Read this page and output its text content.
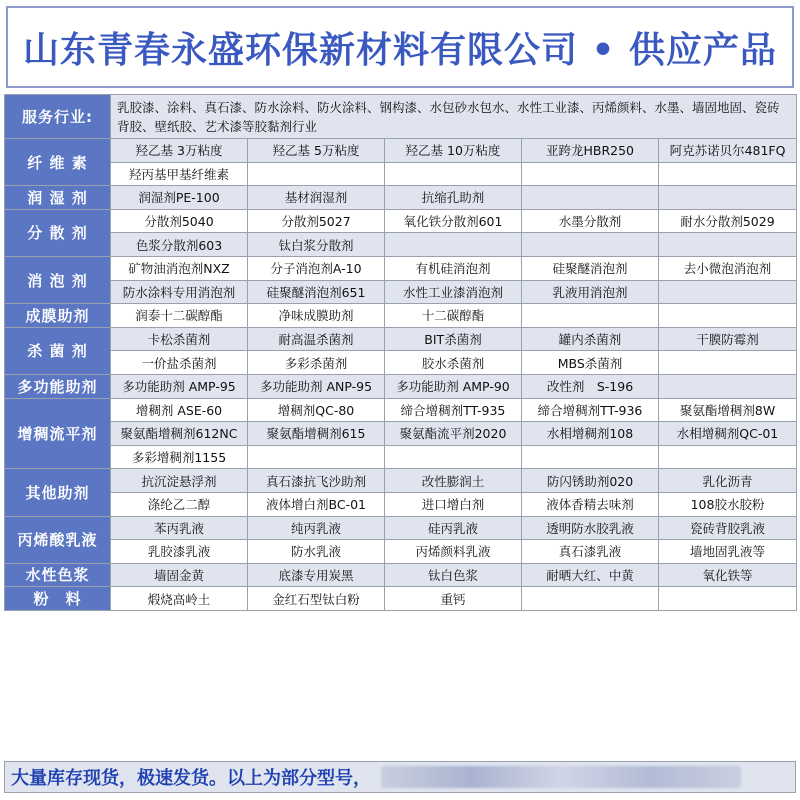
山东青春永盛环保新材料有限公司 • 供应产品
服务行业:	乳胶漆、涂料、真石漆、防水涂料、防火涂料、钢构漆、水包砂水包水、水性工业漆、丙烯颜料、水墨、墙固地固、瓷砖背胶、壁纸胶、艺术漆等胶黏剂行业				
纤 维 素	羟乙基 3万粘度	羟乙基 5万粘度	羟乙基 10万粘度	亚跨龙HBR250	阿克苏诺贝尔481FQ
	羟丙基甲基纤维素				
润 湿 剂	润湿剂PE-100	基材润湿剂	抗缩孔助剂		
分 散 剂	分散剂5040	分散剂5027	氧化铁分散剂601	水墨分散剂	耐水分散剂5029
	色浆分散剂603	钛白浆分散剂			
消 泡 剂	矿物油消泡剂NXZ	分子消泡剂A-10	有机硅消泡剂	硅聚醚消泡剂	去小微泡消泡剂
	防水涂料专用消泡剂	硅聚醚消泡剂651	水性工业漆消泡剂	乳液用消泡剂	
成膜助剂	润泰十二碳醇酯	净味成膜助剂	十二碳醇酯		
杀 菌 剂	卡松杀菌剂	耐高温杀菌剂	BIT杀菌剂	罐内杀菌剂	干膜防霉剂
	一价盐杀菌剂	多彩杀菌剂	胶水杀菌剂	MBS杀菌剂	
多功能助剂	多功能助剂 AMP-95	多功能助剂 ANP-95	多功能助剂 AMP-90	改性剂　S-196	
增稠流平剂	增稠剂 ASE-60	增稠剂QC-80	缔合增稠剂TT-935	缔合增稠剂TT-936	聚氨酯增稠剂8W
	聚氨酯增稠剂612NC	聚氨酯增稠剂615	聚氨酯流平剂2020	水相增稠剂108	水相增稠剂QC-01
	多彩增稠剂1155				
其他助剂	抗沉淀悬浮剂	真石漆抗飞沙助剂	改性膨润土	防闪锈助剂020	乳化沥青
	涤纶乙二醇	液体增白剂BC-01	进口增白剂	液体香精去味剂	108胶水胶粉
丙烯酸乳液	苯丙乳液	纯丙乳液	硅丙乳液	透明防水胶乳液	瓷砖背胶乳液
	乳胶漆乳液	防水乳液	丙烯颜料乳液	真石漆乳液	墙地固乳液等
水性色浆	墙固金黄	底漆专用炭黑	钛白色浆	耐晒大红、中黄	氧化铁等
粉　料	煅烧高岭土	金红石型钛白粉	重钙		
大量库存现货，极速发货。以上为部分型号，
